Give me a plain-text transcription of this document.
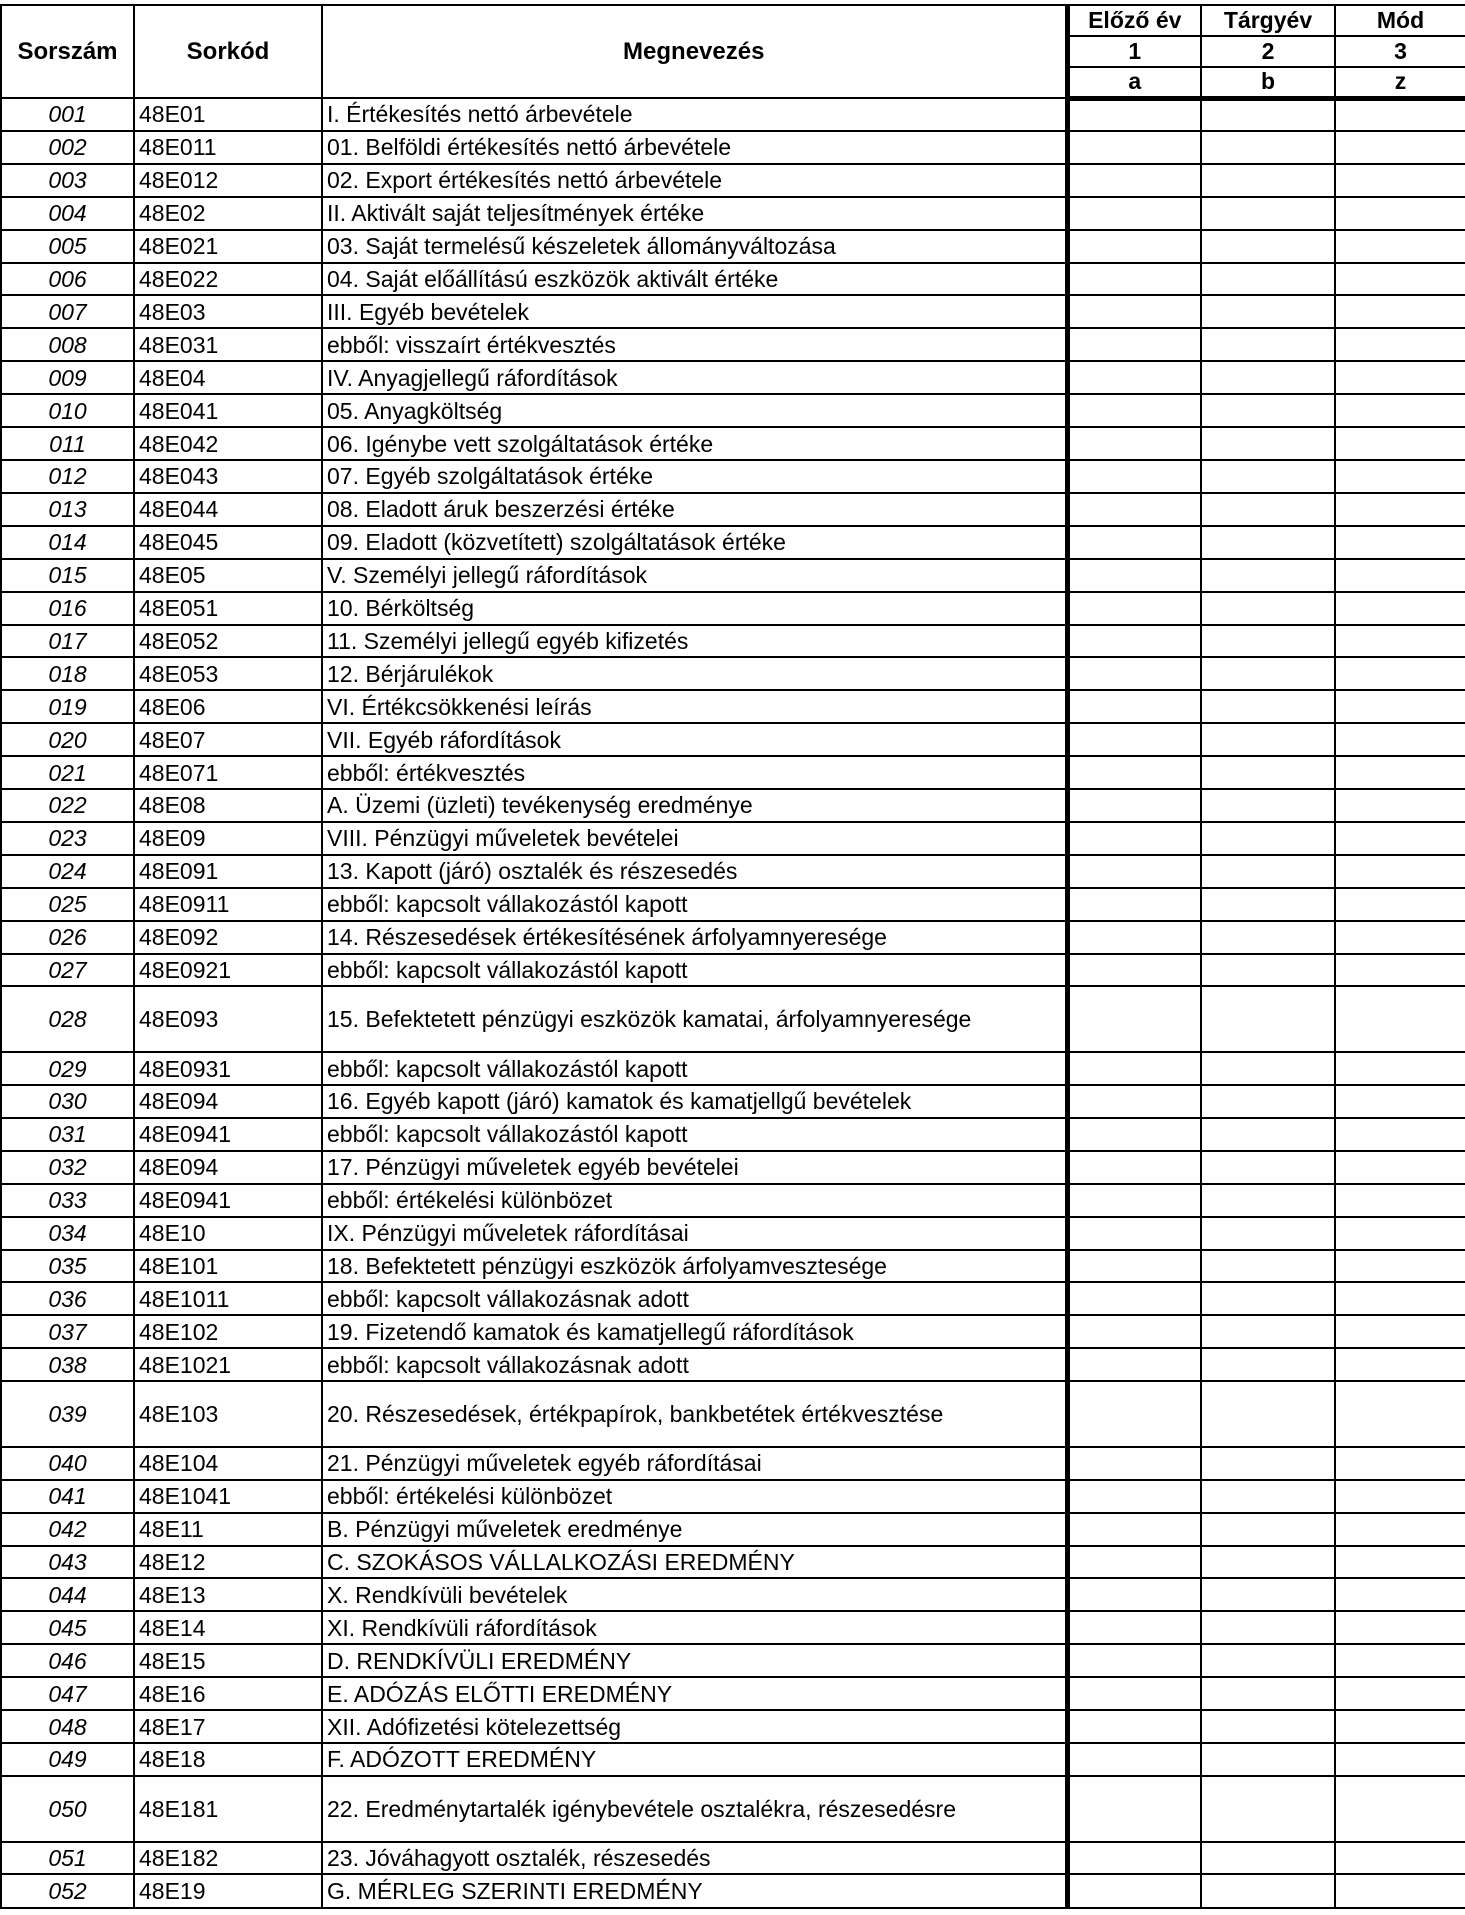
Sorszám	Sorkód	Megnevezés	Előző év	Tárgyév	Mód
			1	2	3
			a	b	z
001	48E01	I. Értékesítés nettó árbevétele			
002	48E011	01. Belföldi értékesítés nettó árbevétele			
003	48E012	02. Export értékesítés nettó árbevétele			
004	48E02	II. Aktivált saját teljesítmények értéke			
005	48E021	03. Saját termelésű készeletek állományváltozása			
006	48E022	04. Saját előállítású eszközök aktivált értéke			
007	48E03	III. Egyéb bevételek			
008	48E031	ebből: visszaírt értékvesztés			
009	48E04	IV. Anyagjellegű ráfordítások			
010	48E041	05. Anyagköltség			
011	48E042	06. Igénybe vett szolgáltatások értéke			
012	48E043	07. Egyéb szolgáltatások értéke			
013	48E044	08. Eladott áruk beszerzési értéke			
014	48E045	09. Eladott (közvetített) szolgáltatások értéke			
015	48E05	V. Személyi jellegű ráfordítások			
016	48E051	10. Bérköltség			
017	48E052	11. Személyi jellegű egyéb kifizetés			
018	48E053	12. Bérjárulékok			
019	48E06	VI. Értékcsökkenési leírás			
020	48E07	VII. Egyéb ráfordítások			
021	48E071	ebből: értékvesztés			
022	48E08	A. Üzemi (üzleti) tevékenység eredménye			
023	48E09	VIII. Pénzügyi műveletek bevételei			
024	48E091	13. Kapott (járó) osztalék és részesedés			
025	48E0911	ebből: kapcsolt vállakozástól kapott			
026	48E092	14. Részesedések értékesítésének árfolyamnyeresége			
027	48E0921	ebből: kapcsolt vállakozástól kapott			
028	48E093	15. Befektetett pénzügyi eszközök kamatai, árfolyamnyeresége			
029	48E0931	ebből: kapcsolt vállakozástól kapott			
030	48E094	16. Egyéb kapott (járó) kamatok és kamatjellgű bevételek			
031	48E0941	ebből: kapcsolt vállakozástól kapott			
032	48E094	17. Pénzügyi műveletek egyéb bevételei			
033	48E0941	ebből: értékelési különbözet			
034	48E10	IX. Pénzügyi műveletek ráfordításai			
035	48E101	18. Befektetett pénzügyi eszközök árfolyamvesztesége			
036	48E1011	ebből: kapcsolt vállakozásnak adott			
037	48E102	19. Fizetendő kamatok és kamatjellegű ráfordítások			
038	48E1021	ebből: kapcsolt vállakozásnak adott			
039	48E103	20. Részesedések, értékpapírok, bankbetétek értékvesztése			
040	48E104	21. Pénzügyi műveletek egyéb ráfordításai			
041	48E1041	ebből: értékelési különbözet			
042	48E11	B. Pénzügyi műveletek eredménye			
043	48E12	C. SZOKÁSOS VÁLLALKOZÁSI EREDMÉNY			
044	48E13	X. Rendkívüli bevételek			
045	48E14	XI. Rendkívüli ráfordítások			
046	48E15	D. RENDKÍVÜLI EREDMÉNY			
047	48E16	E. ADÓZÁS ELŐTTI EREDMÉNY			
048	48E17	XII. Adófizetési kötelezettség			
049	48E18	F. ADÓZOTT EREDMÉNY			
050	48E181	22. Eredménytartalék igénybevétele osztalékra, részesedésre			
051	48E182	23. Jóváhagyott osztalék, részesedés			
052	48E19	G. MÉRLEG SZERINTI EREDMÉNY			
